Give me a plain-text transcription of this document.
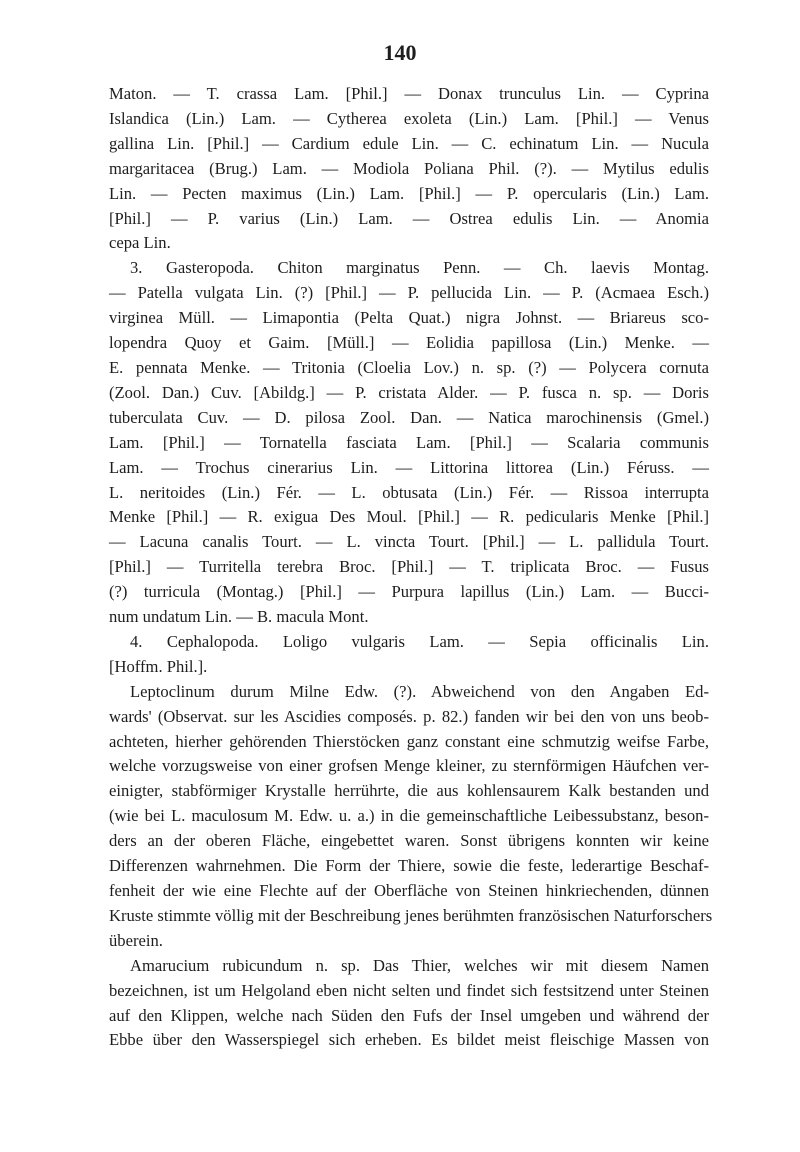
140
Maton. — T. crassa Lam. [Phil.] — Donax trunculus Lin. — Cyprina
Islandica (Lin.) Lam. — Cytherea exoleta (Lin.) Lam. [Phil.] — Venus
gallina Lin. [Phil.] — Cardium edule Lin. — C. echinatum Lin. — Nucula
margaritacea (Brug.) Lam. — Modiola Poliana Phil. (?). — Mytilus edulis
Lin. — Pecten maximus (Lin.) Lam. [Phil.] — P. opercularis (Lin.) Lam.
[Phil.] — P. varius (Lin.) Lam. — Ostrea edulis Lin. — Anomia
cepa Lin.
3. Gasteropoda. Chiton marginatus Penn. — Ch. laevis Montag.
— Patella vulgata Lin. (?) [Phil.] — P. pellucida Lin. — P. (Acmaea Esch.)
virginea Müll. — Limapontia (Pelta Quat.) nigra Johnst. — Briareus sco-
lopendra Quoy et Gaim. [Müll.] — Eolidia papillosa (Lin.) Menke. —
E. pennata Menke. — Tritonia (Cloelia Lov.) n. sp. (?) — Polycera cornuta
(Zool. Dan.) Cuv. [Abildg.] — P. cristata Alder. — P. fusca n. sp. — Doris
tuberculata Cuv. — D. pilosa Zool. Dan. — Natica marochinensis (Gmel.)
Lam. [Phil.] — Tornatella fasciata Lam. [Phil.] — Scalaria communis
Lam. — Trochus cinerarius Lin. — Littorina littorea (Lin.) Féruss. —
L. neritoides (Lin.) Fér. — L. obtusata (Lin.) Fér. — Rissoa interrupta
Menke [Phil.] — R. exigua Des Moul. [Phil.] — R. pedicularis Menke [Phil.]
— Lacuna canalis Tourt. — L. vincta Tourt. [Phil.] — L. pallidula Tourt.
[Phil.] — Turritella terebra Broc. [Phil.] — T. triplicata Broc. — Fusus
(?) turricula (Montag.) [Phil.] — Purpura lapillus (Lin.) Lam. — Bucci-
num undatum Lin. — B. macula Mont.
4. Cephalopoda. Loligo vulgaris Lam. — Sepia officinalis Lin.
[Hoffm. Phil.].
Leptoclinum durum Milne Edw. (?). Abweichend von den Angaben Ed-
wards' (Observat. sur les Ascidies composés. p. 82.) fanden wir bei den von uns beob-
achteten, hierher gehörenden Thierstöcken ganz constant eine schmutzig weifse Farbe,
welche vorzugsweise von einer grofsen Menge kleiner, zu sternförmigen Häufchen ver-
einigter, stabförmiger Krystalle herrührte, die aus kohlensaurem Kalk bestanden und
(wie bei L. maculosum M. Edw. u. a.) in die gemeinschaftliche Leibessubstanz, beson-
ders an der oberen Fläche, eingebettet waren. Sonst übrigens konnten wir keine
Differenzen wahrnehmen. Die Form der Thiere, sowie die feste, lederartige Beschaf-
fenheit der wie eine Flechte auf der Oberfläche von Steinen hinkriechenden, dünnen
Kruste stimmte völlig mit der Beschreibung jenes berühmten französischen Naturforschers
überein.
Amarucium rubicundum n. sp. Das Thier, welches wir mit diesem Namen
bezeichnen, ist um Helgoland eben nicht selten und findet sich festsitzend unter Steinen
auf den Klippen, welche nach Süden den Fufs der Insel umgeben und während der
Ebbe über den Wasserspiegel sich erheben. Es bildet meist fleischige Massen von
